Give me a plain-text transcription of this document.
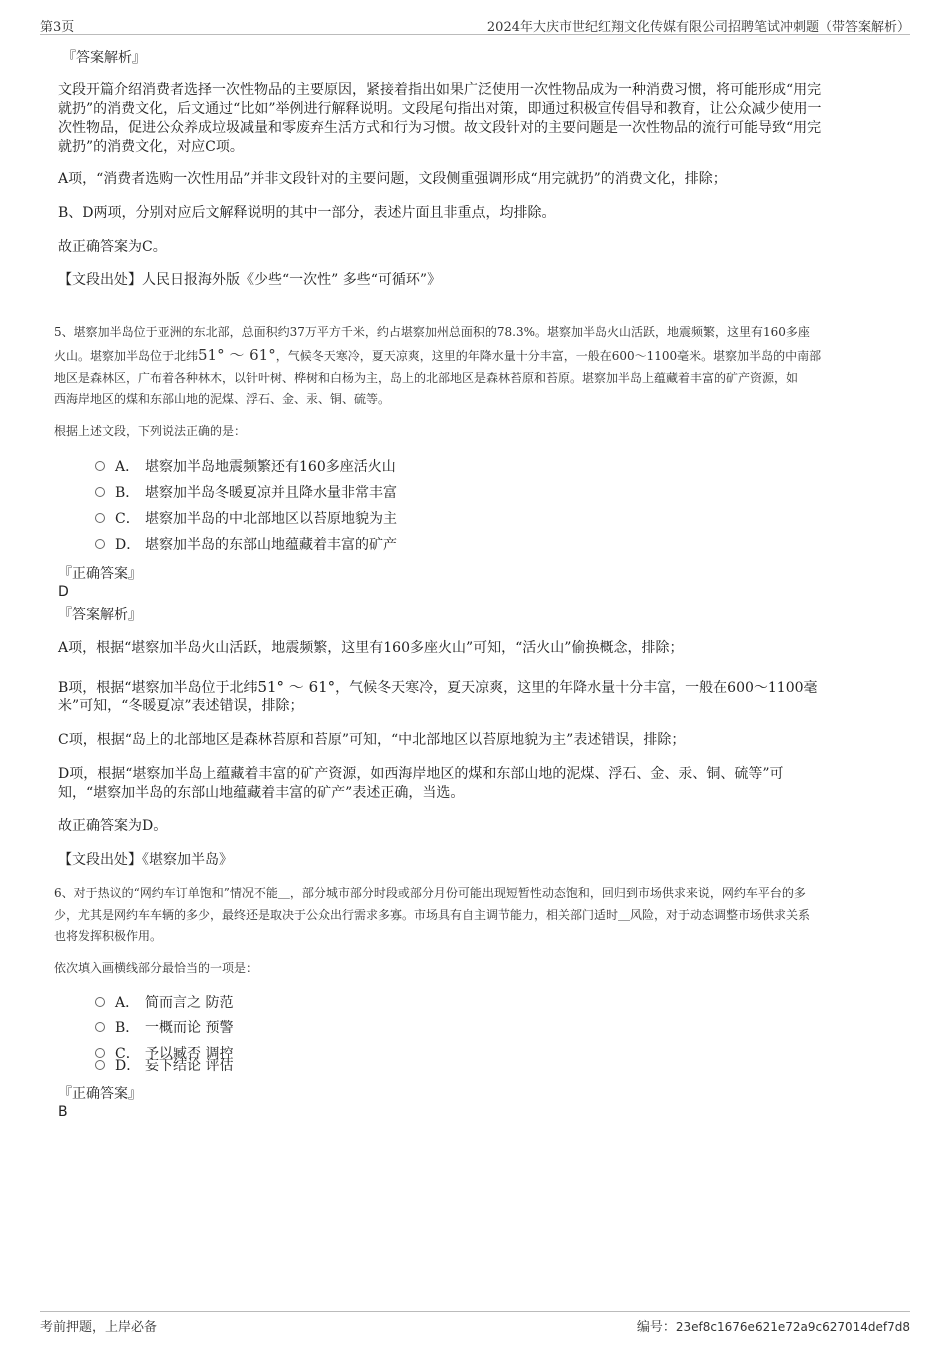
第3页	2024年大庆市世纪红翔文化传媒有限公司招聘笔试冲刺题（带答案解析）
『答案解析』
文段开篇介绍消费者选择一次性物品的主要原因，紧接着指出如果广泛使用一次性物品成为一种消费习惯，将可能形成“用完
就扔”的消费文化，后文通过“比如”举例进行解释说明。文段尾句指出对策，即通过积极宣传倡导和教育，让公众减少使用一
次性物品，促进公众养成垃圾减量和零废弃生活方式和行为习惯。故文段针对的主要问题是一次性物品的流行可能导致“用完
就扔”的消费文化，对应C项。
A项，“消费者选购一次性用品”并非文段针对的主要问题，文段侧重强调形成“用完就扔”的消费文化，排除；
B、D两项，分别对应后文解释说明的其中一部分，表述片面且非重点，均排除。
故正确答案为C。
【文段出处】人民日报海外版《少些“一次性” 多些“可循环”》
5、堪察加半岛位于亚洲的东北部，总面积约37万平方千米，约占堪察加州总面积的78.3%。堪察加半岛火山活跃，地震频繁，这里有160多座
火山。堪察加半岛位于北纬51° ～ 61°，气候冬天寒冷，夏天凉爽，这里的年降水量十分丰富，一般在600～1100毫米。堪察加半岛的中南部
地区是森林区，广布着各种林木，以针叶树、桦树和白杨为主，岛上的北部地区是森林苔原和苔原。堪察加半岛上蕴藏着丰富的矿产资源，如
西海岸地区的煤和东部山地的泥煤、浮石、金、汞、铜、硫等。
根据上述文段，下列说法正确的是：
A． 堪察加半岛地震频繁还有160多座活火山
B． 堪察加半岛冬暖夏凉并且降水量非常丰富
C． 堪察加半岛的中北部地区以苔原地貌为主
D． 堪察加半岛的东部山地蕴藏着丰富的矿产
『正确答案』
D
『答案解析』
A项，根据“堪察加半岛火山活跃，地震频繁，这里有160多座火山”可知，“活火山”偷换概念，排除；
B项，根据“堪察加半岛位于北纬51° ～ 61°，气候冬天寒冷，夏天凉爽，这里的年降水量十分丰富，一般在600～1100毫
米”可知，“冬暖夏凉”表述错误，排除；
C项，根据“岛上的北部地区是森林苔原和苔原”可知，“中北部地区以苔原地貌为主”表述错误，排除；
D项，根据“堪察加半岛上蕴藏着丰富的矿产资源，如西海岸地区的煤和东部山地的泥煤、浮石、金、汞、铜、硫等”可
知，“堪察加半岛的东部山地蕴藏着丰富的矿产”表述正确，当选。
故正确答案为D。
【文段出处】《堪察加半岛》
6、对于热议的“网约车订单饱和”情况不能＿，部分城市部分时段或部分月份可能出现短暂性动态饱和，回归到市场供求来说，网约车平台的多
少，尤其是网约车车辆的多少，最终还是取决于公众出行需求多寡。市场具有自主调节能力，相关部门适时＿风险，对于动态调整市场供求关系
也将发挥积极作用。
依次填入画横线部分最恰当的一项是：
A． 简而言之 防范
B． 一概而论 预警
C． 予以臧否 调控
D． 妄下结论 评估
『正确答案』
B
考前押题，上岸必备	编号：23ef8c1676e621e72a9c627014def7d8
